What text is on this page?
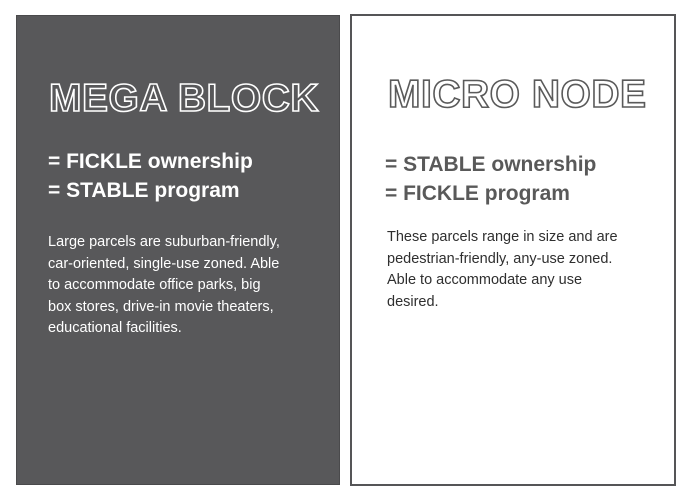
MEGA BLOCK
= FICKLE ownership
= STABLE program

Large parcels are suburban-friendly,
car-oriented, single-use zoned. Able
to accommodate office parks, big
box stores, drive-in movie theaters,
educational facilities.

MICRO NODE
= STABLE ownership
= FICKLE program

These parcels range in size and are
pedestrian-friendly, any-use zoned.
Able to accommodate any use
desired.
